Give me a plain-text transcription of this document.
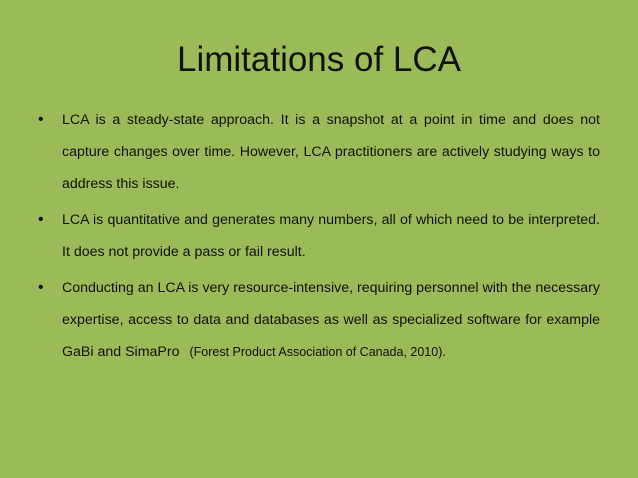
Limitations of LCA
• LCA is a steady-state approach. It is a snapshot at a point in time and does not capture changes over time. However, LCA practitioners are actively studying ways to address this issue.
• LCA is quantitative and generates many numbers, all of which need to be interpreted. It does not provide a pass or fail result.
• Conducting an LCA is very resource-intensive, requiring personnel with the necessary expertise, access to data and databases as well as specialized software for example GaBi and SimaPro (Forest Product Association of Canada, 2010).
